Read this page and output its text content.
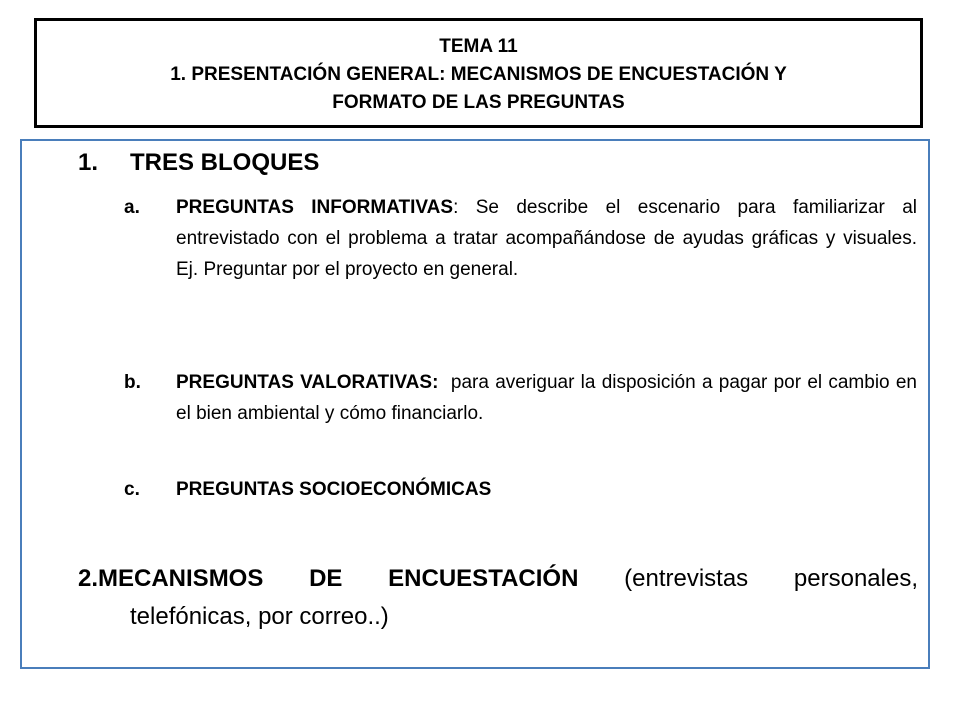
TEMA 11
1. PRESENTACIÓN GENERAL: MECANISMOS DE ENCUESTACIÓN Y
FORMATO DE LAS PREGUNTAS
1. TRES BLOQUES
a.	PREGUNTAS INFORMATIVAS: Se describe el escenario para familiarizar al entrevistado con el problema a tratar acompañándose de ayudas gráficas y visuales. Ej. Preguntar por el proyecto en general.
b.	PREGUNTAS VALORATIVAS:  para averiguar la disposición a pagar por el cambio en el bien ambiental y cómo financiarlo.
c.	PREGUNTAS SOCIOECONÓMICAS
2.MECANISMOS DE ENCUESTACIÓN (entrevistas personales,
telefónicas, por correo..)
